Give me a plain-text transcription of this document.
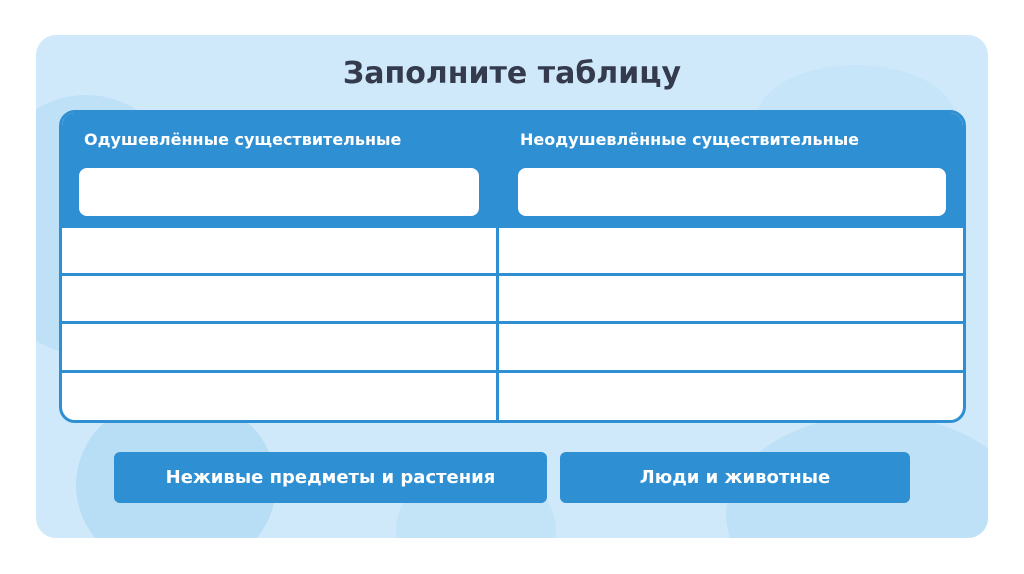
Заполните таблицу
Одушевлённые существительные	Неодушевлённые существительные
Неживые предметы и растения	Люди и животные
